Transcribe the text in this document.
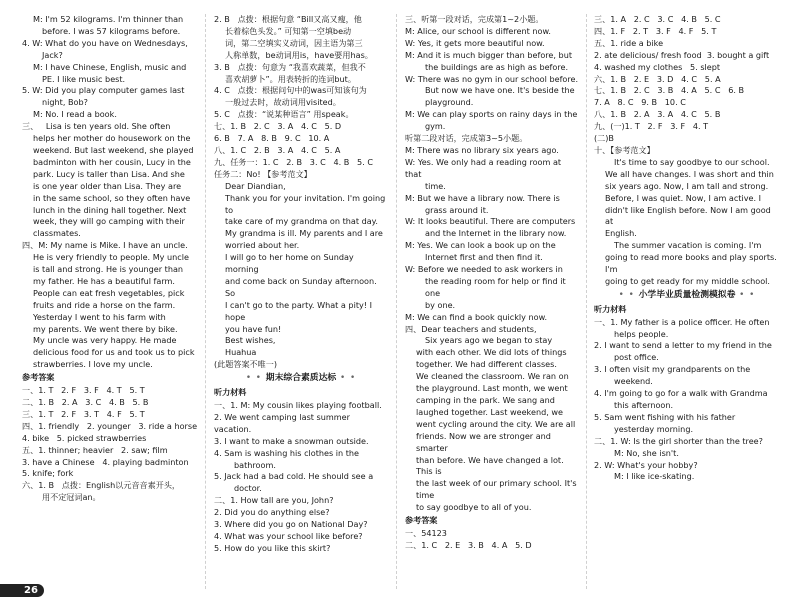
M: I'm 52 kilograms. I'm thinner than
before. I was 57 kilograms before.
4. W: What do you have on Wednesdays,
Jack?
M: I have Chinese, English, music and
PE. I like music best.
5. W: Did you play computer games last
night, Bob?
M: No. I read a book.
三、   Lisa is ten years old. She often
helps her mother do housework on the
weekend. But last weekend, she played
badminton with her cousin, Lucy in the
park. Lucy is taller than Lisa. And she
is one year older than Lisa. They are
in the same school, so they often have
lunch in the dining hall together. Next
week, they will go camping with their
classmates.
四、M: My name is Mike. I have an uncle.
He is very friendly to people. My uncle
is tall and strong. He is younger than
my father. He has a beautiful farm.
People can eat fresh vegetables, pick
fruits and ride a horse on the farm.
Yesterday I went to his farm with
my parents. We went there by bike.
My uncle was very happy. He made
delicious food for us and took us to pick
strawberries. I love my uncle.
参考答案
一、1. T   2. F   3. F   4. T   5. T
二、1. B   2. A   3. C   4. B   5. B
三、1. T   2. F   3. T   4. F   5. T
四、1. friendly   2. younger   3. ride a horse
4. bike   5. picked strawberries
五、1. thinner; heavier   2. saw; film
3. have a Chinese   4. playing badminton
5. knife; fork
六、1. B   点拨：English以元音音素开头，
用不定冠词an。
2. B   点拨：根据句意 “Bill又高又瘦，他
长着棕色头发。” 可知第一空填be动
词，第二空填实义动词，因主语为第三
人称单数，be动词用is，have要用has。
3. B   点拨：句意为 “我喜欢蔬菜，但我不
喜欢胡萝卜”。用表转折的连词but。
4. C   点拨：根据问句中的was可知该句为
一般过去时，故动词用visited。
5. C   点拨：“说某种语言” 用speak。
七、1. B   2. C   3. A   4. C   5. D
6. B   7. A   8. B   9. C   10. A
八、1. C   2. B   3. A   4. C   5. A
九、任务一：1. C   2. B   3. C   4. B   5. C
任务二：No! 【参考范文】
Dear Diandian,
Thank you for your invitation. I'm going to
take care of my grandma on that day.
My grandma is ill. My parents and I are
worried about her.
I will go to her home on Sunday morning
and come back on Sunday afternoon. So
I can't go to the party. What a pity! I hope
you have fun!
Best wishes,
Huahua
(此题答案不唯一)
• • 期末综合素质达标 • •
听力材料
一、1. M: My cousin likes playing football.
2. We went camping last summer vacation.
3. I want to make a snowman outside.
4. Sam is washing his clothes in the
bathroom.
5. Jack had a bad cold. He should see a
doctor.
二、1. How tall are you, John?
2. Did you do anything else?
3. Where did you go on National Day?
4. What was your school like before?
5. How do you like this skirt?
三、听第一段对话，完成第1~2小题。
M: Alice, our school is different now.
W: Yes, it gets more beautiful now.
M: And it is much bigger than before, but
the buildings are as high as before.
W: There was no gym in our school before.
But now we have one. It's beside the
playground.
M: We can play sports on rainy days in the
gym.
听第二段对话，完成第3~5小题。
M: There was no library six years ago.
W: Yes. We only had a reading room at that
time.
M: But we have a library now. There is
grass around it.
W: It looks beautiful. There are computers
and the Internet in the library now.
M: Yes. We can look a book up on the
Internet first and then find it.
W: Before we needed to ask workers in
the reading room for help or find it one
by one.
M: We can find a book quickly now.
四、Dear teachers and students,
Six years ago we began to stay
with each other. We did lots of things
together. We had different classes.
We cleaned the classroom. We ran on
the playground. Last month, we went
camping in the park. We sang and
laughed together. Last weekend, we
went cycling around the city. We are all
friends. Now we are stronger and smarter
than before. We have changed a lot. This is
the last week of our primary school. It's time
to say goodbye to all of you.
参考答案
一、54123
二、1. C   2. E   3. B   4. A   5. D
三、1. A   2. C   3. C   4. B   5. C
四、1. F   2. T   3. F   4. F   5. T
五、1. ride a bike
2. ate delicious/ fresh food  3. bought a gift
4. washed my clothes   5. slept
六、1. B   2. E   3. D   4. C   5. A
七、1. B   2. C   3. B   4. A   5. C   6. B
7. A   8. C   9. B   10. C
八、1. B   2. A   3. A   4. C   5. B
九、(一)1. T   2. F   3. F   4. T
(二)B
十、【参考范文】
It's time to say goodbye to our school.
We all have changes. I was short and thin
six years ago. Now, I am tall and strong.
Before, I was quiet. Now, I am active. I
didn't like English before. Now I am good at
English.
The summer vacation is coming. I'm
going to read more books and play sports. I'm
going to get ready for my middle school.
• • 小学毕业质量检测模拟卷 • •
听力材料
一、1. My father is a police officer. He often
helps people.
2. I want to send a letter to my friend in the
post office.
3. I often visit my grandparents on the
weekend.
4. I'm going to go for a walk with Grandma
this afternoon.
5. Sam went fishing with his father
yesterday morning.
二、1. W: Is the girl shorter than the tree?
M: No, she isn't.
2. W: What's your hobby?
M: I like ice-skating.
26
